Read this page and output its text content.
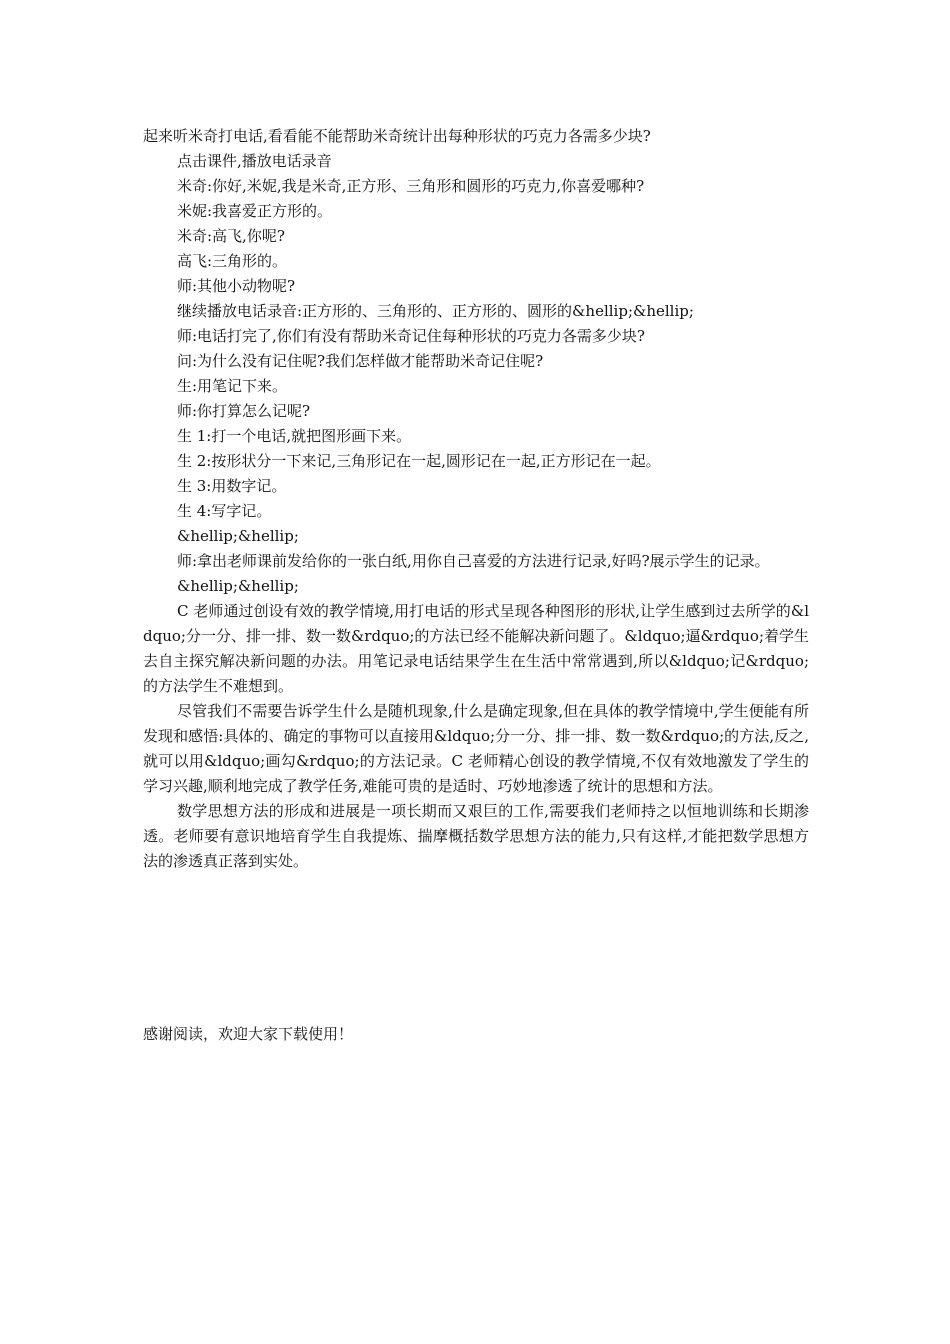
起来听米奇打电话,看看能不能帮助米奇统计出每种形状的巧克力各需多少块?

点击课件,播放电话录音

米奇:你好,米妮,我是米奇,正方形、三角形和圆形的巧克力,你喜爱哪种?

米妮:我喜爱正方形的。

米奇:高飞,你呢?

高飞:三角形的。

师:其他小动物呢?

继续播放电话录音:正方形的、三角形的、正方形的、圆形的&hellip;&hellip;

师:电话打完了,你们有没有帮助米奇记住每种形状的巧克力各需多少块?

问:为什么没有记住呢?我们怎样做才能帮助米奇记住呢?

生:用笔记下来。

师:你打算怎么记呢?

生 1:打一个电话,就把图形画下来。

生 2:按形状分一下来记,三角形记在一起,圆形记在一起,正方形记在一起。

生 3:用数字记。

生 4:写字记。

&hellip;&hellip;

师:拿出老师课前发给你的一张白纸,用你自己喜爱的方法进行记录,好吗?展示学生的记录。

&hellip;&hellip;

C 老师通过创设有效的教学情境,用打电话的形式呈现各种图形的形状,让学生感到过去所学的&ldquo;分一分、排一排、数一数&rdquo;的方法已经不能解决新问题了。&ldquo;逼&rdquo;着学生去自主探究解决新问题的办法。用笔记录电话结果学生在生活中常常遇到,所以&ldquo;记&rdquo;的方法学生不难想到。

尽管我们不需要告诉学生什么是随机现象,什么是确定现象,但在具体的教学情境中,学生便能有所发现和感悟:具体的、确定的事物可以直接用&ldquo;分一分、排一排、数一数&rdquo;的方法,反之,就可以用&ldquo;画勾&rdquo;的方法记录。C 老师精心创设的教学情境,不仅有效地激发了学生的学习兴趣,顺利地完成了教学任务,难能可贵的是适时、巧妙地渗透了统计的思想和方法。

数学思想方法的形成和进展是一项长期而又艰巨的工作,需要我们老师持之以恒地训练和长期渗透。老师要有意识地培育学生自我提炼、揣摩概括数学思想方法的能力,只有这样,才能把数学思想方法的渗透真正落到实处。

感谢阅读，欢迎大家下载使用！
